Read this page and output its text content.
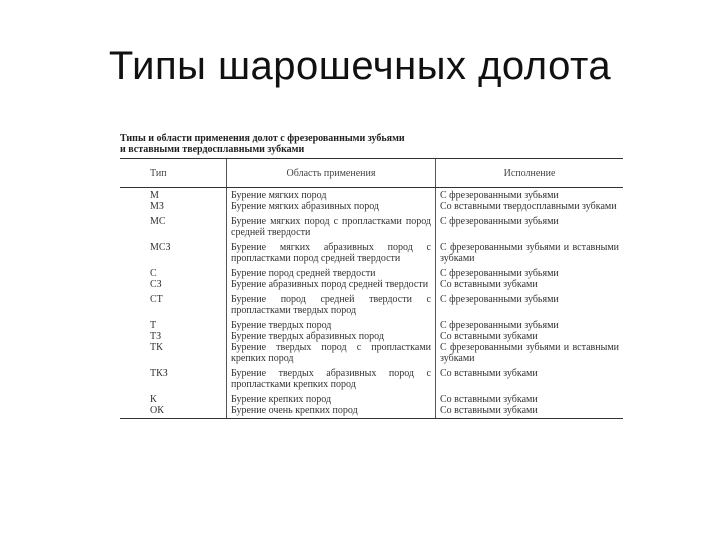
Типы шарошечных долота
Типы и области применения долот с фрезерованными зубьями
и вставными твердосплавными зубками
Тип	Область применения	Исполнение
М	Бурение мягких пород	С фрезерованными зубьями
МЗ	Бурение мягких абразивных пород	Со вставными твердосплавными зубками
МС	Бурение мягких пород с пропластками пород средней твердости	С фрезерованными зубьями
МСЗ	Бурение мягких абразивных пород с пропластками пород средней твердости	С фрезерованными зубьями и вставными зубками
С	Бурение пород средней твердости	С фрезерованными зубьями
СЗ	Бурение абразивных пород средней твердости	Со вставными зубками
СТ	Бурение пород средней твердости с пропластками твердых пород	С фрезерованными зубьями
Т	Бурение твердых пород	С фрезерованными зубьями
ТЗ	Бурение твердых абразивных пород	Со вставными зубками
ТК	Бурение твердых пород с пропластками крепких пород	С фрезерованными зубьями и вставными зубками
ТКЗ	Бурение твердых абразивных пород с пропластками крепких пород	Со вставными зубками
К	Бурение крепких пород	Со вставными зубками
ОК	Бурение очень крепких пород	Со вставными зубками
